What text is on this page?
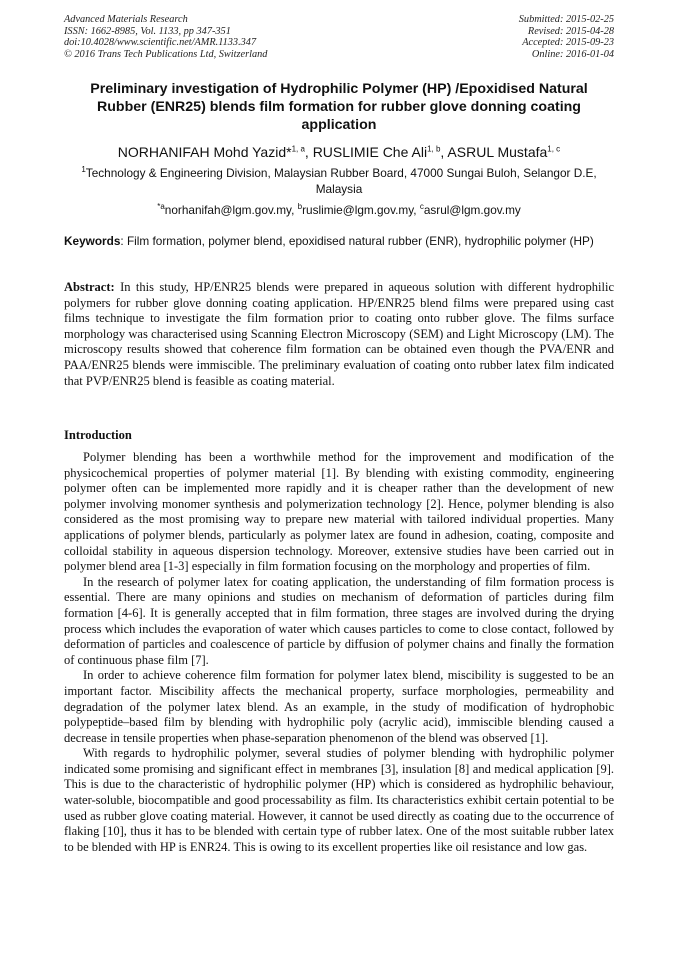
Advanced Materials Research
ISSN: 1662-8985, Vol. 1133, pp 347-351
doi:10.4028/www.scientific.net/AMR.1133.347
© 2016 Trans Tech Publications Ltd, Switzerland
Submitted: 2015-02-25
Revised: 2015-04-28
Accepted: 2015-09-23
Online: 2016-01-04
Preliminary investigation of Hydrophilic Polymer (HP) /Epoxidised Natural Rubber (ENR25) blends film formation for rubber glove donning coating application
NORHANIFAH Mohd Yazid*$^{1, a}$, RUSLIMIE Che Ali$^{1, b}$, ASRUL Mustafa$^{1, c}$
$^1$Technology & Engineering Division, Malaysian Rubber Board, 47000 Sungai Buloh, Selangor D.E, Malaysia
$^{*a}$norhanifah@lgm.gov.my, $^b$ruslimie@lgm.gov.my, $^c$asrul@lgm.gov.my
Keywords: Film formation, polymer blend, epoxidised natural rubber (ENR), hydrophilic polymer (HP)
Abstract: In this study, HP/ENR25 blends were prepared in aqueous solution with different hydrophilic polymers for rubber glove donning coating application. HP/ENR25 blend films were prepared using cast films technique to investigate the film formation prior to coating onto rubber glove. The films surface morphology was characterised using Scanning Electron Microscopy (SEM) and Light Microscopy (LM). The microscopy results showed that coherence film formation can be obtained even though the PVA/ENR and PAA/ENR25 blends were immiscible. The preliminary evaluation of coating onto rubber latex film indicated that PVP/ENR25 blend is feasible as coating material.
Introduction

Polymer blending has been a worthwhile method for the improvement and modification of the physicochemical properties of polymer material [1]. By blending with existing commodity, engineering polymer often can be implemented more rapidly and it is cheaper rather than the development of new polymer involving monomer synthesis and polymerization technology [2]. Hence, polymer blending is also considered as the most promising way to prepare new material with tailored individual properties. Many applications of polymer blends, particularly as polymer latex are found in adhesion, coating, composite and colloidal stability in aqueous dispersion technology. Moreover, extensive studies have been carried out in polymer blend area [1-3] especially in film formation focusing on the morphology and properties of film.

In the research of polymer latex for coating application, the understanding of film formation process is essential. There are many opinions and studies on mechanism of deformation of particles during film formation [4-6]. It is generally accepted that in film formation, three stages are involved during the drying process which includes the evaporation of water which causes particles to come to close contact, followed by deformation of particles and coalescence of particle by diffusion of polymer chains and finally the formation of continuous phase film [7].

In order to achieve coherence film formation for polymer latex blend, miscibility is suggested to be an important factor. Miscibility affects the mechanical property, surface morphologies, permeability and degradation of the polymer latex blend. As an example, in the study of modification of hydrophobic polypeptide–based film by blending with hydrophilic poly (acrylic acid), immiscible blending caused a decrease in tensile properties when phase-separation phenomenon of the blend was observed [1].

With regards to hydrophilic polymer, several studies of polymer blending with hydrophilic polymer indicated some promising and significant effect in membranes [3], insulation [8] and medical application [9]. This is due to the characteristic of hydrophilic polymer (HP) which is considered as hydrophilic behaviour, water-soluble, biocompatible and good processability as film. Its characteristics exhibit certain potential to be used as rubber glove coating material. However, it cannot be used directly as coating due to the occurrence of flaking [10], thus it has to be blended with certain type of rubber latex. One of the most suitable rubber latex to be blended with HP is ENR24. This is owing to its excellent properties like oil resistance and low gas.
